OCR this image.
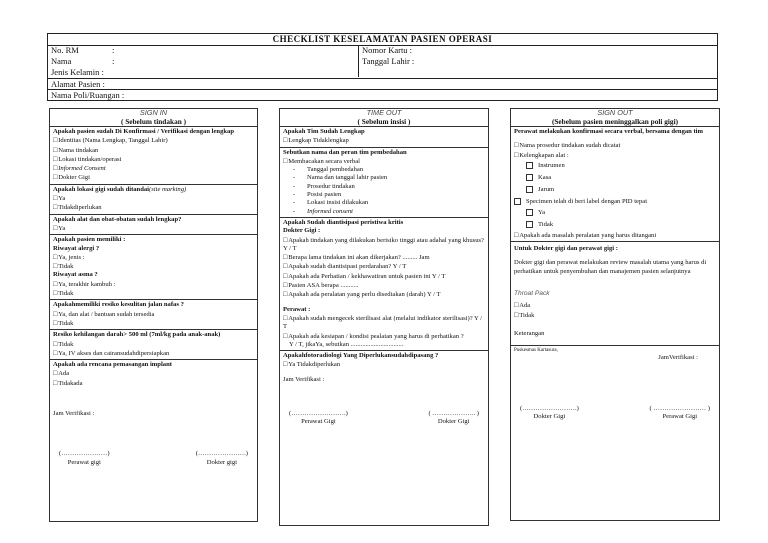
CHECKLIST KESELAMATAN PASIEN OPERASI
No. RM	:
Nama	:
Jenis Kelamin :
Alamat Pasien :
Nama Poli/Ruangan :
Nomor Kartu :
Tanggal Lahir :
SIGN IN
( Sebelum tindakan )
Apakah pasien sudah Di Konfirmasi / Verifikasi dengan lengkap
□ Identitas (Nama Lengkap, Tanggal Lahir)
□ Nama tindakan
□ Lokasi tindakan/operasi
□ Informed Consent
□ Dokter Gigi
Apakah lokasi gigi sudah ditandai(site marking)
□ Ya
□ Tidakdiperlukan
Apakah alat dan obat-obatan sudah lengkap?
□ Ya
Apakah pasien memiliki :
Riwayat alergi ?
□ Ya, jenis :
□ Tidak
Riwayat asma ?
□ Ya, terakhir kambuh :
□ Tidak
Apakahmemiliki resiko kesulitan jalan nafas ?
□ Ya, dan alat / bantuan sudah tersedia
□ Tidak
Resiko kehilangan darah> 500 ml (7ml/kg pada anak-anak)
□ Tidak
□ Ya, IV akses dan cairansudahdipersiapkan
Apakah ada rencana pemasangan implant
□ Ada
□ Tidakada
Jam Verifikasi :
(…………………)
Perawat gigi
(………………….)
Dokter gigi
TIME OUT
( Sebelum insisi )
Apakah Tim Sudah Lengkap
□ Lengkap Tidaklengkap
Sebutkan nama dan peran tim pembedahan
□ Membacakan secara verbal
- Tanggal pembedahan
- Nama dan tanggal lahir pasien
- Prosedur tindakan
- Posisi pasien
- Lokasi insisi dilakukan
- Informed consent
Apakah Sudah diantisipasi peristiwa kritis
Dokter Gigi :
□ Apakah tindakan yang dilakukan berisiko tinggi atau adahal yang khusus? Y / T
□ Berapa lama tindakan ini akan dikerjakan? ......... Jam
□ Apakah sudah diantisipasi perdarahan? Y / T
□ Apakah ada Perhatian / kekhawatiran untuk pasien ini Y / T
□ Pasien ASA berapa ...........
□ Apakah ada peralatan yang perlu disediakan (darah) Y / T
Perawat :
□ Apakah sudah mengecek sterilisasi alat (melalui indikator sterilisasi)? Y / T
□ Apakah ada kesiapan / kondisi pealatan yang harus di perhatikan ?
Y / T, jikaYa, sebutkan ................................
Apakahfotoradiologi Yang Diperlukansudahdipasang ?
□ Ya Tidakdiperlukan
Jam Verifikasi :
(…………………….)
Perawat Gigi
( ……………….. )
Dokter Gigi
SIGN OUT
(Sebelum pasien meninggalkan poli gigi)
Perawat melakukan konfirmasi secara verbal, bersama dengan tim
□ Nama prosedur tindakan sudah dicatat
□ Kelengkapan alat :
Instrumen
Kasa
Jarum
Specimen telah di beri label dengan PID tepat
Ya
Tidak
□ Apakah ada masalah peralatan yang harus ditangani
Untuk Dokter gigi dan perawat gigi :
Dokter gigi dan perawat melakukan review masalah utama yang harus di perhatikan untuk penyembuhan dan manajemen pasien selanjutnya
Throat Pack
□ Ada
□ Tidak
Keterangan
Puskesmas Kartasura,
JamVerifikasi :
(…………………….)
Dokter Gigi
( …………………… )
Perawat Gigi
